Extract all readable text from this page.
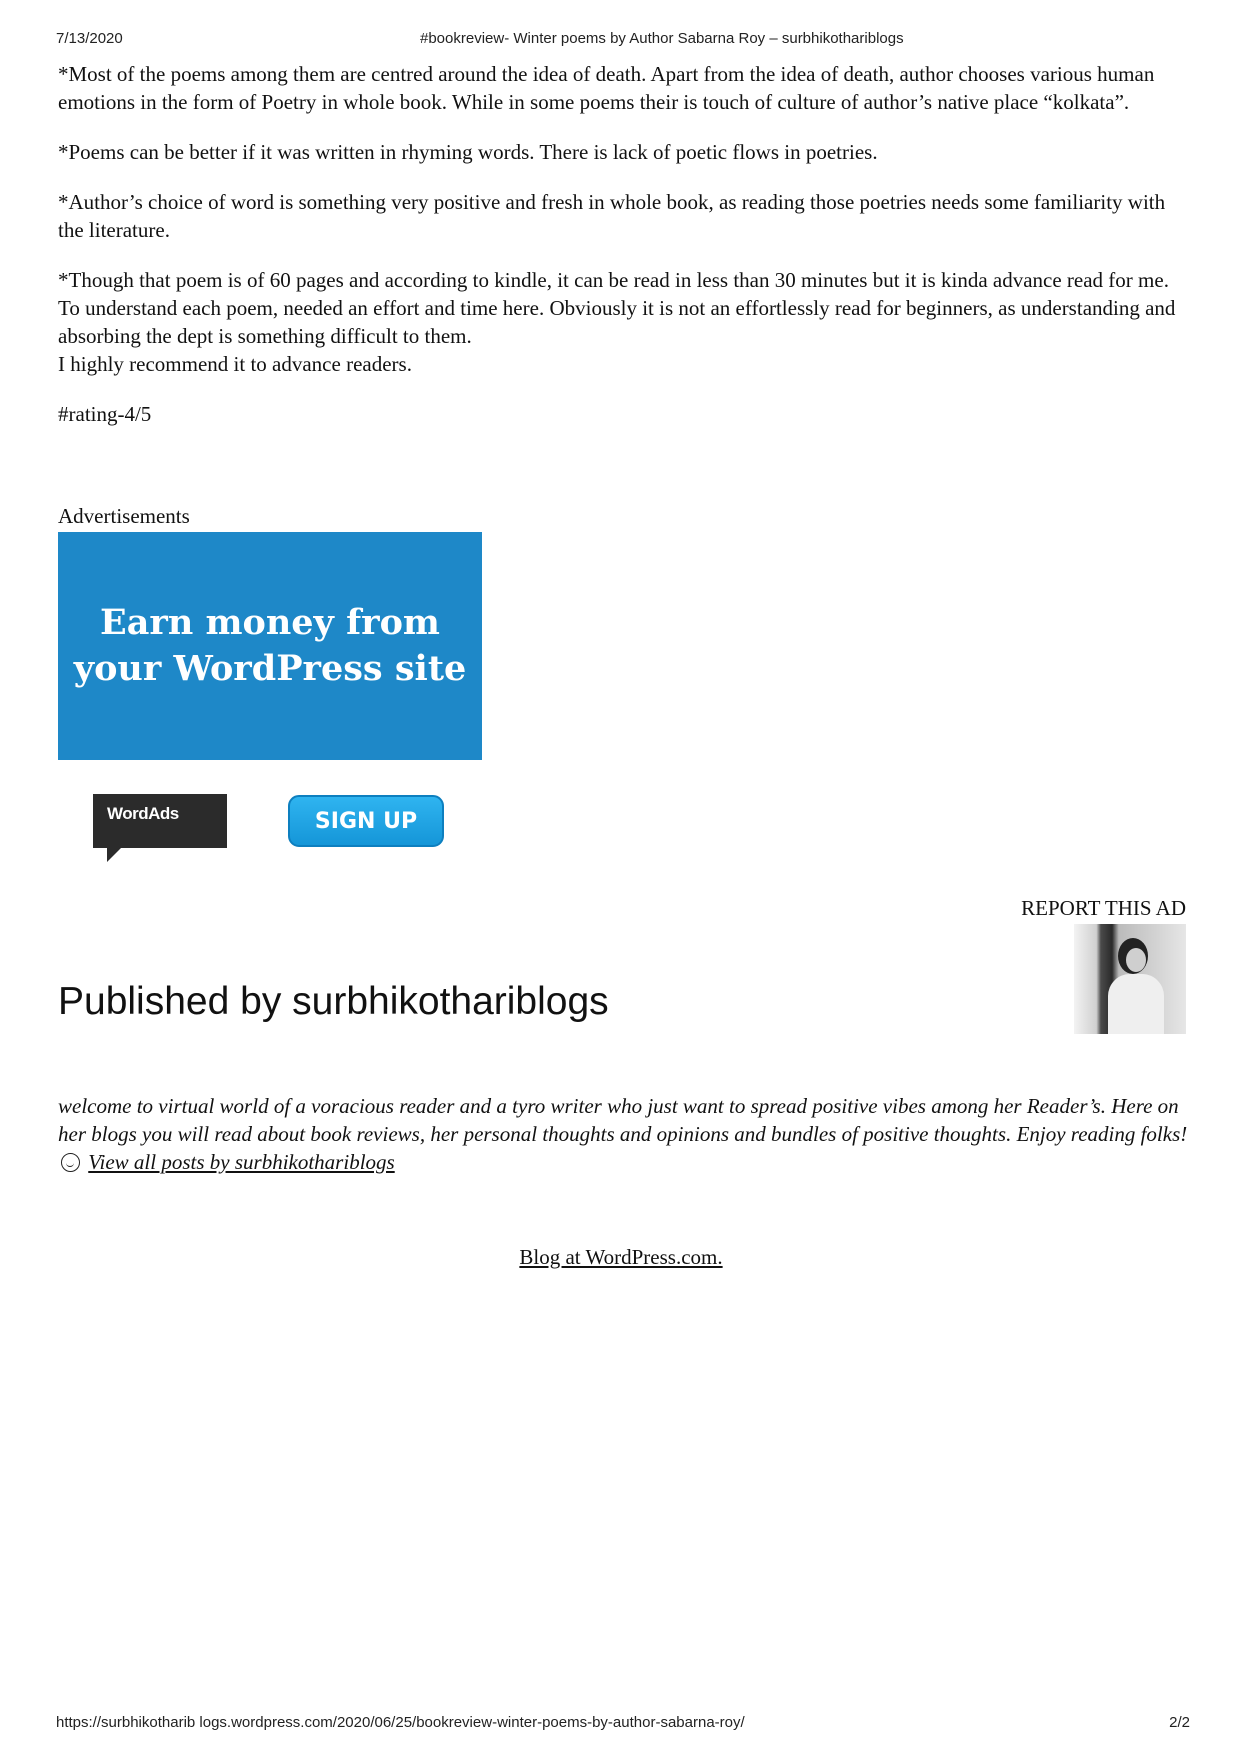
7/13/2020	#bookreview- Winter poems by Author Sabarna Roy – surbhikothariblogs

*Most of the poems among them are centred around the idea of death. Apart from the idea of death, author chooses various human emotions in the form of Poetry in whole book. While in some poems their is touch of culture of author’s native place “kolkata”.

*Poems can be better if it was written in rhyming words. There is lack of poetic flows in poetries.

*Author’s choice of word is something very positive and fresh in whole book, as reading those poetries needs some familiarity with the literature.

*Though that poem is of 60 pages and according to kindle, it can be read in less than 30 minutes but it is kinda advance read for me. To understand each poem, needed an effort and time here. Obviously it is not an effortlessly read for beginners, as understanding and absorbing the dept is something difficult to them.

I highly recommend it to advance readers.

#rating-4/5

Advertisements
Earn money from
your WordPress site
WordAds	SIGN UP
REPORT THIS AD
Published by surbhikothariblogs

welcome to virtual world of a voracious reader and a tyro writer who just want to spread positive vibes among her Reader’s. Here on her blogs you will read about book reviews, her personal thoughts and opinions and bundles of positive thoughts. Enjoy reading folks!  View all posts by surbhikothariblogs

Blog at WordPress.com.
https://surbhikotharib logs.wordpress.com/2020/06/25/bookreview-winter-poems-by-author-sabarna-roy/	2/2
